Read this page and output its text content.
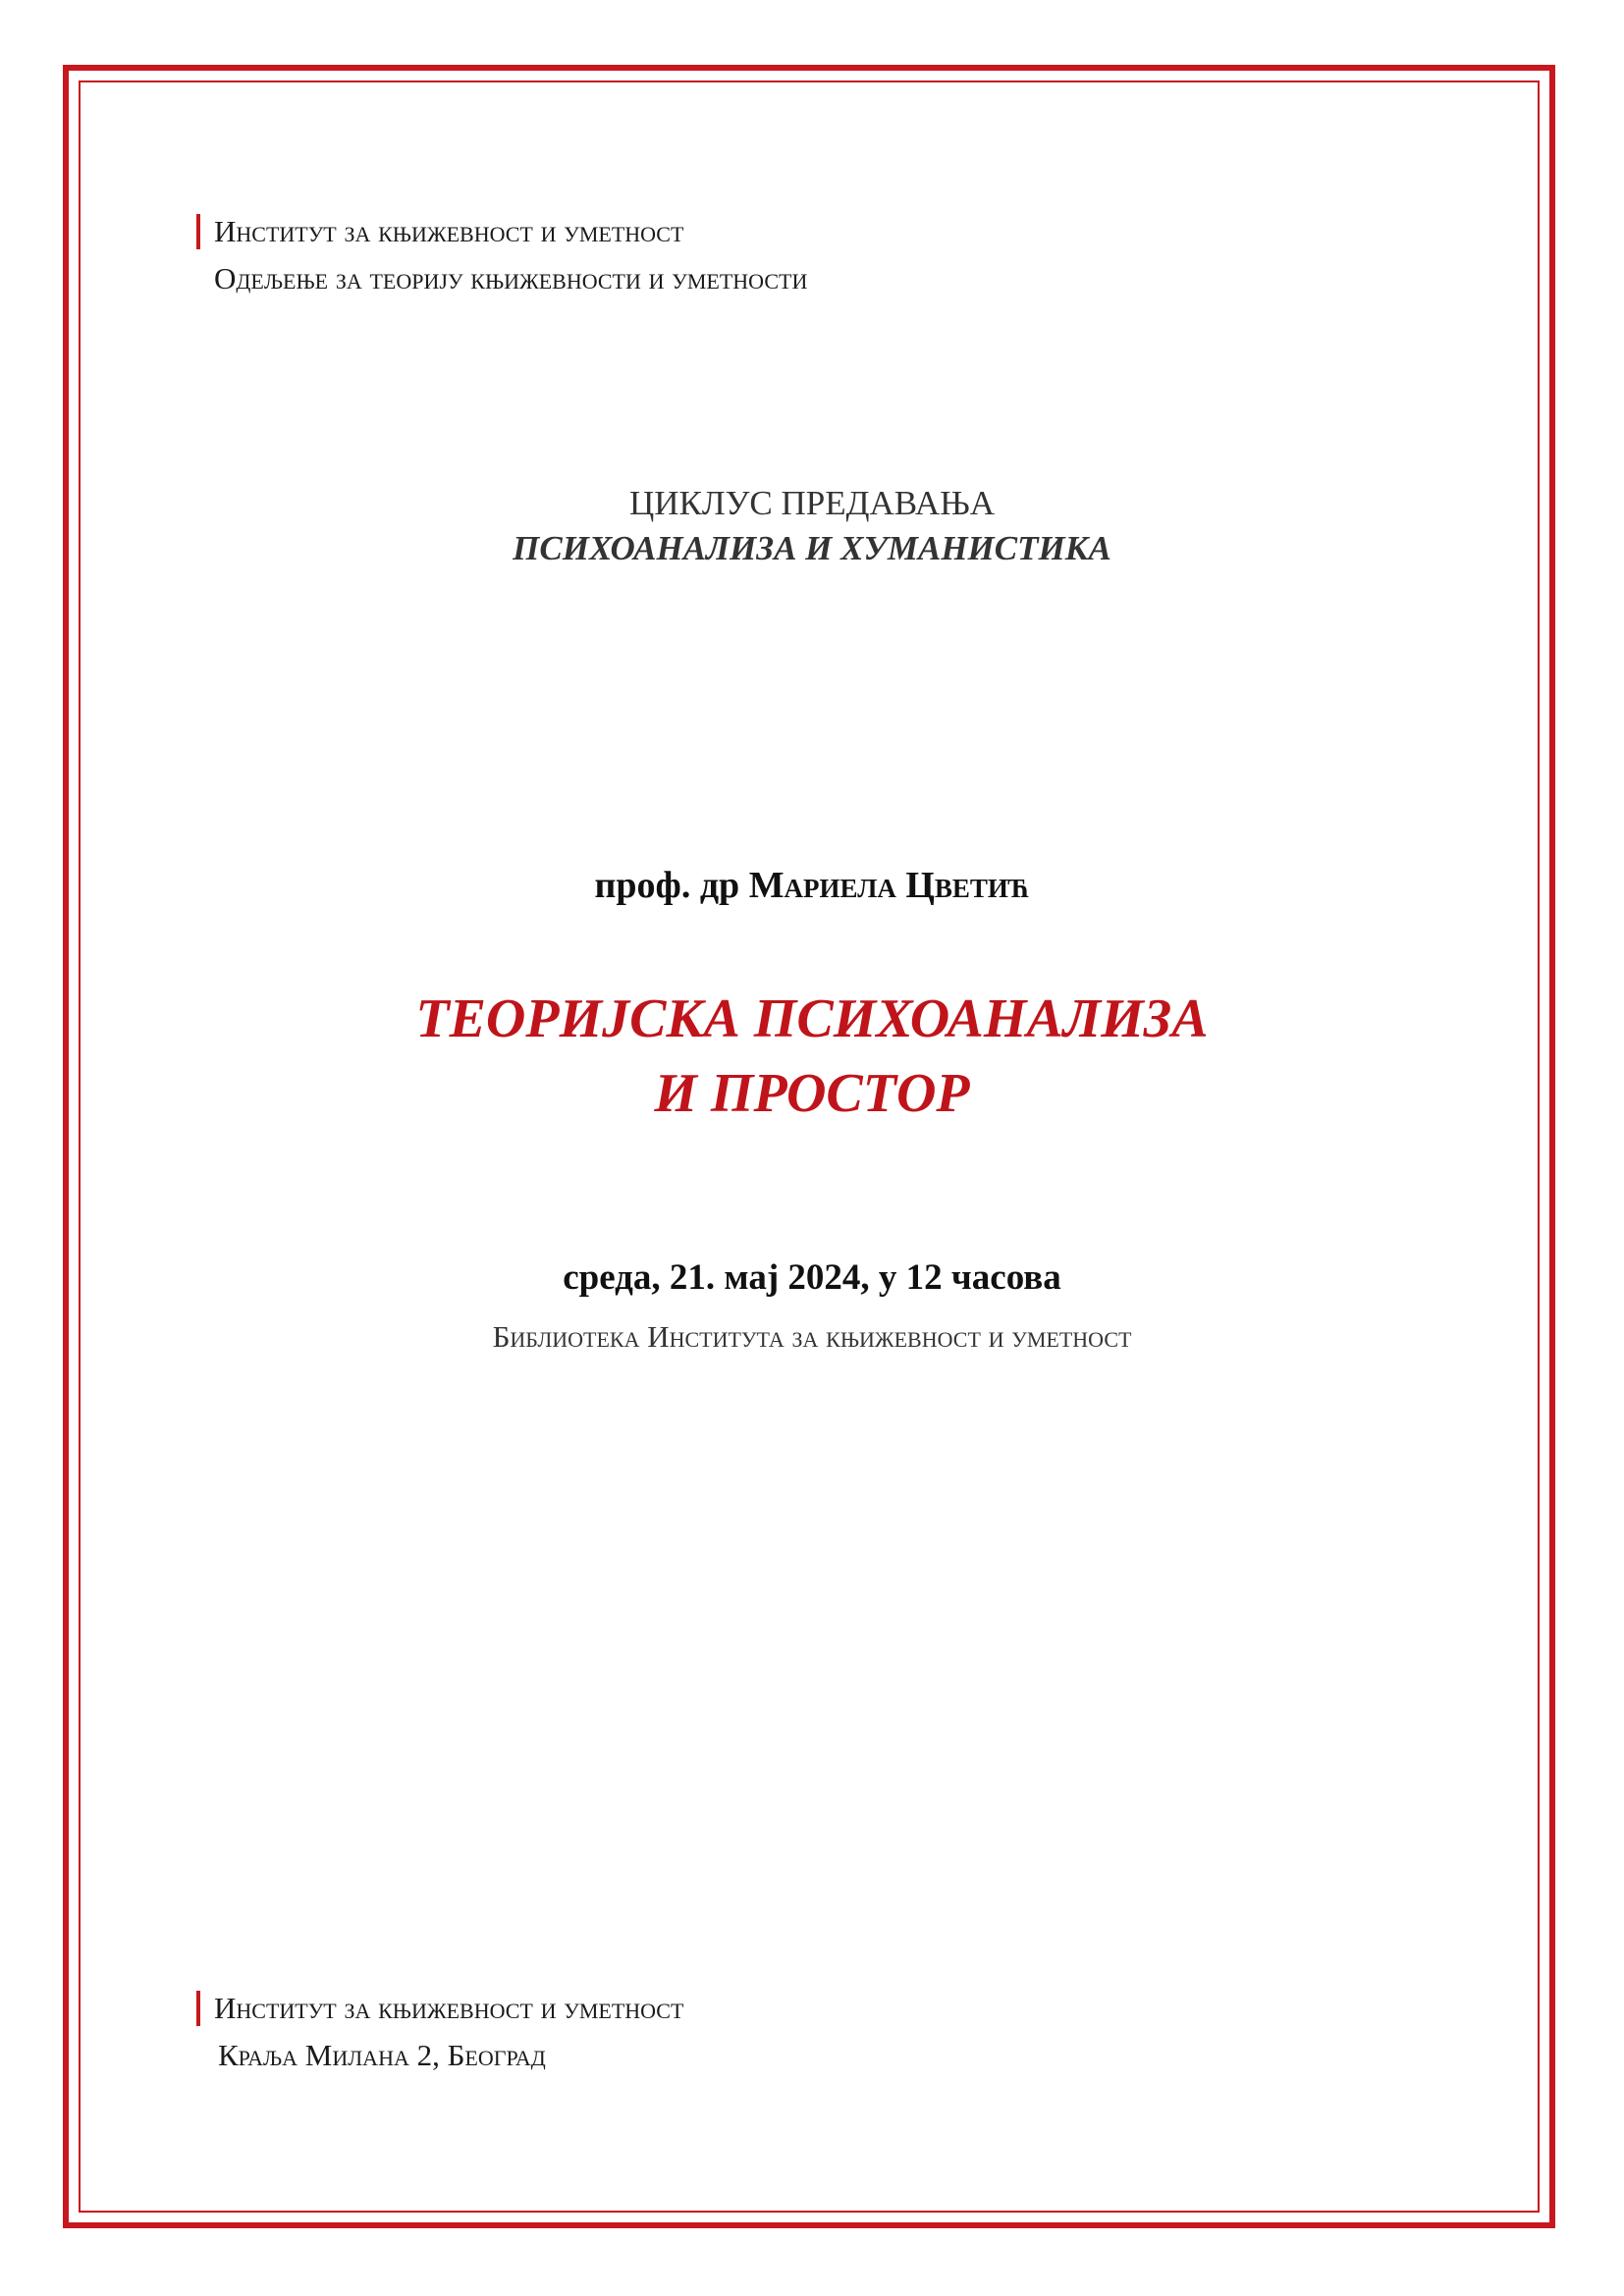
Институт за књижевност и уметност
Одељење за теорију књижевности и уметности
ЦИКЛУС ПРЕДАВАЊА
ПСИХОАНАЛИЗА И ХУМАНИСТИКА
проф. др Мариела Цветић
ТЕОРИЈСКА ПСИХОАНАЛИЗА
И ПРОСТОР
среда, 21. мај 2024, у 12 часова
Библиотека Института за књижевност и уметност
Институт за књижевност и уметност
Краља Милана 2, Београд
